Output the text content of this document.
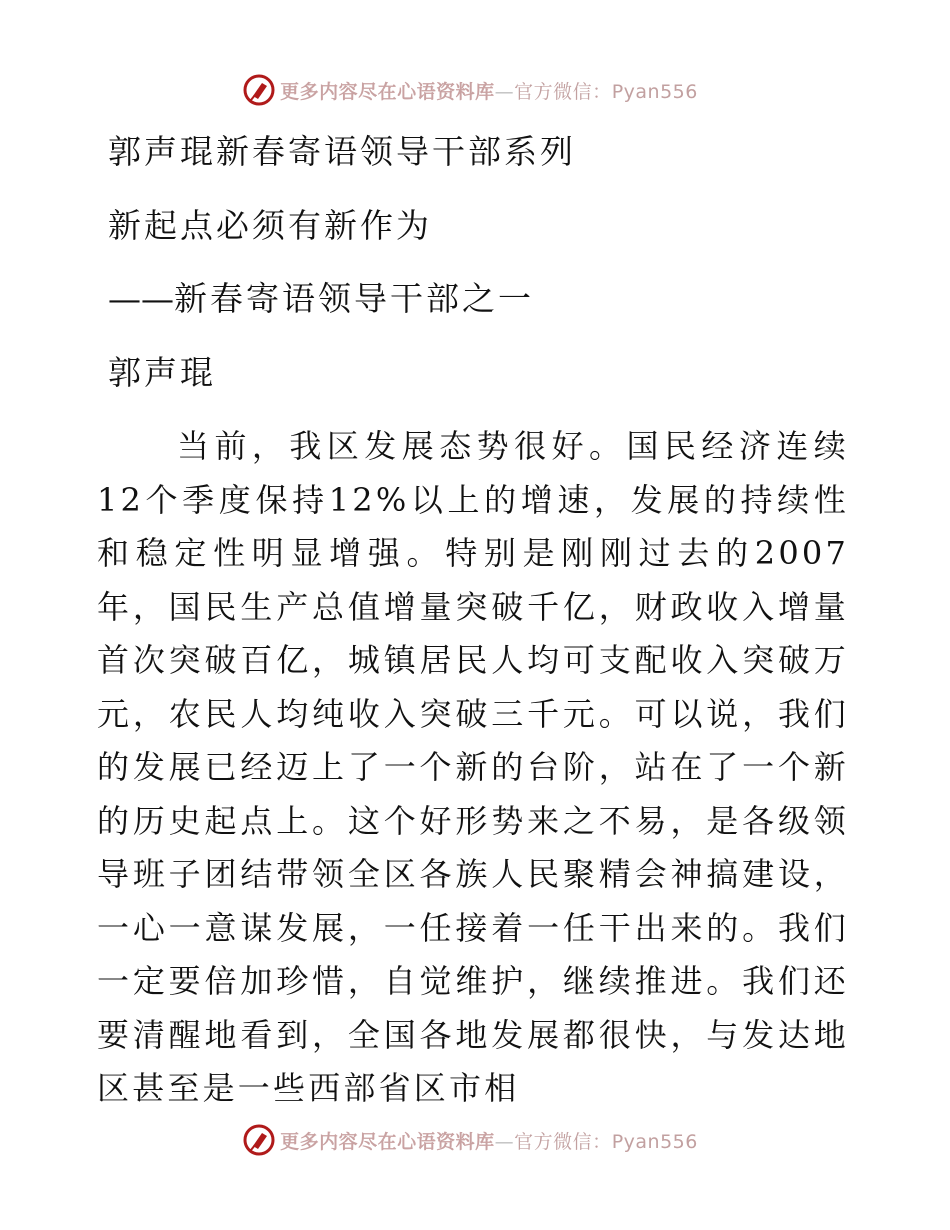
更多内容尽在心语资料库—官方微信：Pyan556
郭声琨新春寄语领导干部系列
新起点必须有新作为
——新春寄语领导干部之一
郭声琨
当前，我区发展态势很好。国民经济连续12个季度保持12%以上的增速，发展的持续性和稳定性明显增强。特别是刚刚过去的2007年，国民生产总值增量突破千亿，财政收入增量首次突破百亿，城镇居民人均可支配收入突破万元，农民人均纯收入突破三千元。可以说，我们的发展已经迈上了一个新的台阶，站在了一个新的历史起点上。这个好形势来之不易，是各级领导班子团结带领全区各族人民聚精会神搞建设，一心一意谋发展，一任接着一任干出来的。我们一定要倍加珍惜，自觉维护，继续推进。我们还要清醒地看到，全国各地发展都很快，与发达地区甚至是一些西部省区市相
更多内容尽在心语资料库—官方微信：Pyan556
